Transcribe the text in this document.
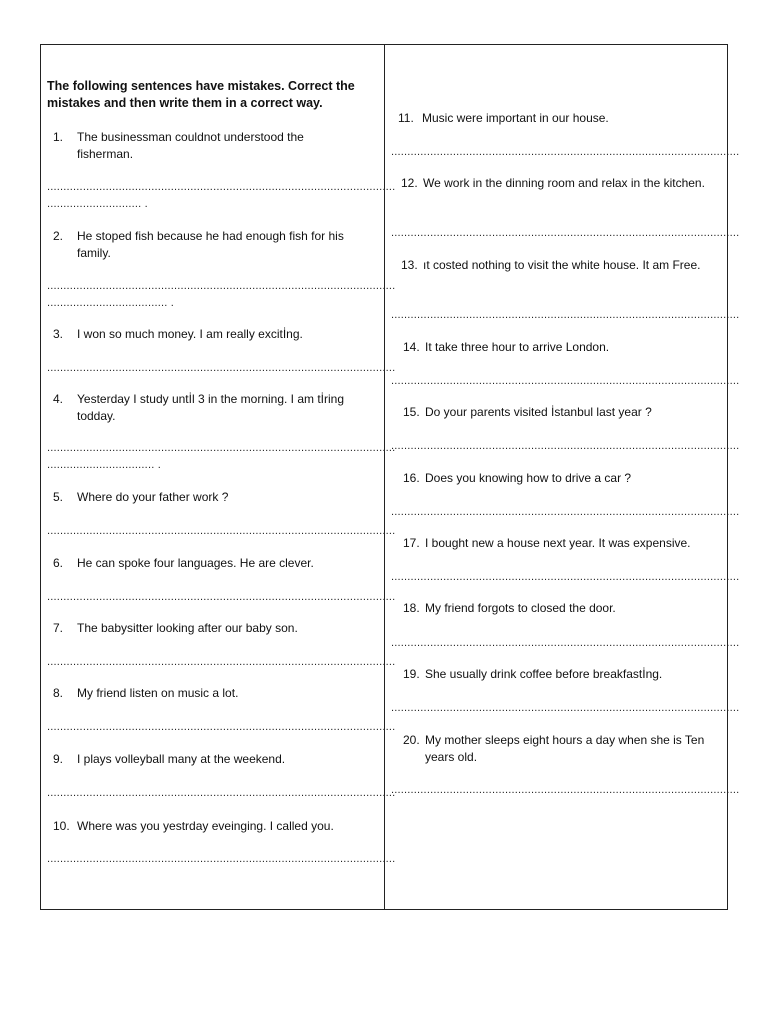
The following sentences have mistakes. Correct the mistakes and then write them in a correct way.
1.	The businessman couldnot understood the fisherman.
...........................................................................................................
............................. .
2.	He stoped fish because he had enough fish for his family.
...........................................................................................................
..................................... .
3.	I won so much money. I am really excitİng.
...........................................................................................................
4.	Yesterday I study untİl 3 in the morning. I am tİring todday.
...........................................................................................................
................................. .
5.	Where do your father work ?
...........................................................................................................
6.	He can spoke four languages. He are clever.
...........................................................................................................
7.	The babysitter looking after our baby son.
...........................................................................................................
8.	My friend listen on music a lot.
...........................................................................................................
9.	I plays volleyball many at the weekend.
...........................................................................................................
10. Where was you yestrday eveinging. I called you.
...........................................................................................................
11. Music were important in our house.
...........................................................................................................
12. We work in the dinning room and relax in the kitchen.
...........................................................................................................
13. ıt costed nothing to visit the white house. It am Free.
...........................................................................................................
14. It take three hour to arrive London.
...........................................................................................................
15. Do your parents visited İstanbul last year ?
...........................................................................................................
16. Does you knowing how to drive a car ?
...........................................................................................................
17. I bought new a house next year. It was expensive.
...........................................................................................................
18. My friend forgots to closed the door.
...........................................................................................................
19. She usually drink coffee before breakfastİng.
...........................................................................................................
20. My mother sleeps eight hours a day when she is Ten years old.
...........................................................................................................
